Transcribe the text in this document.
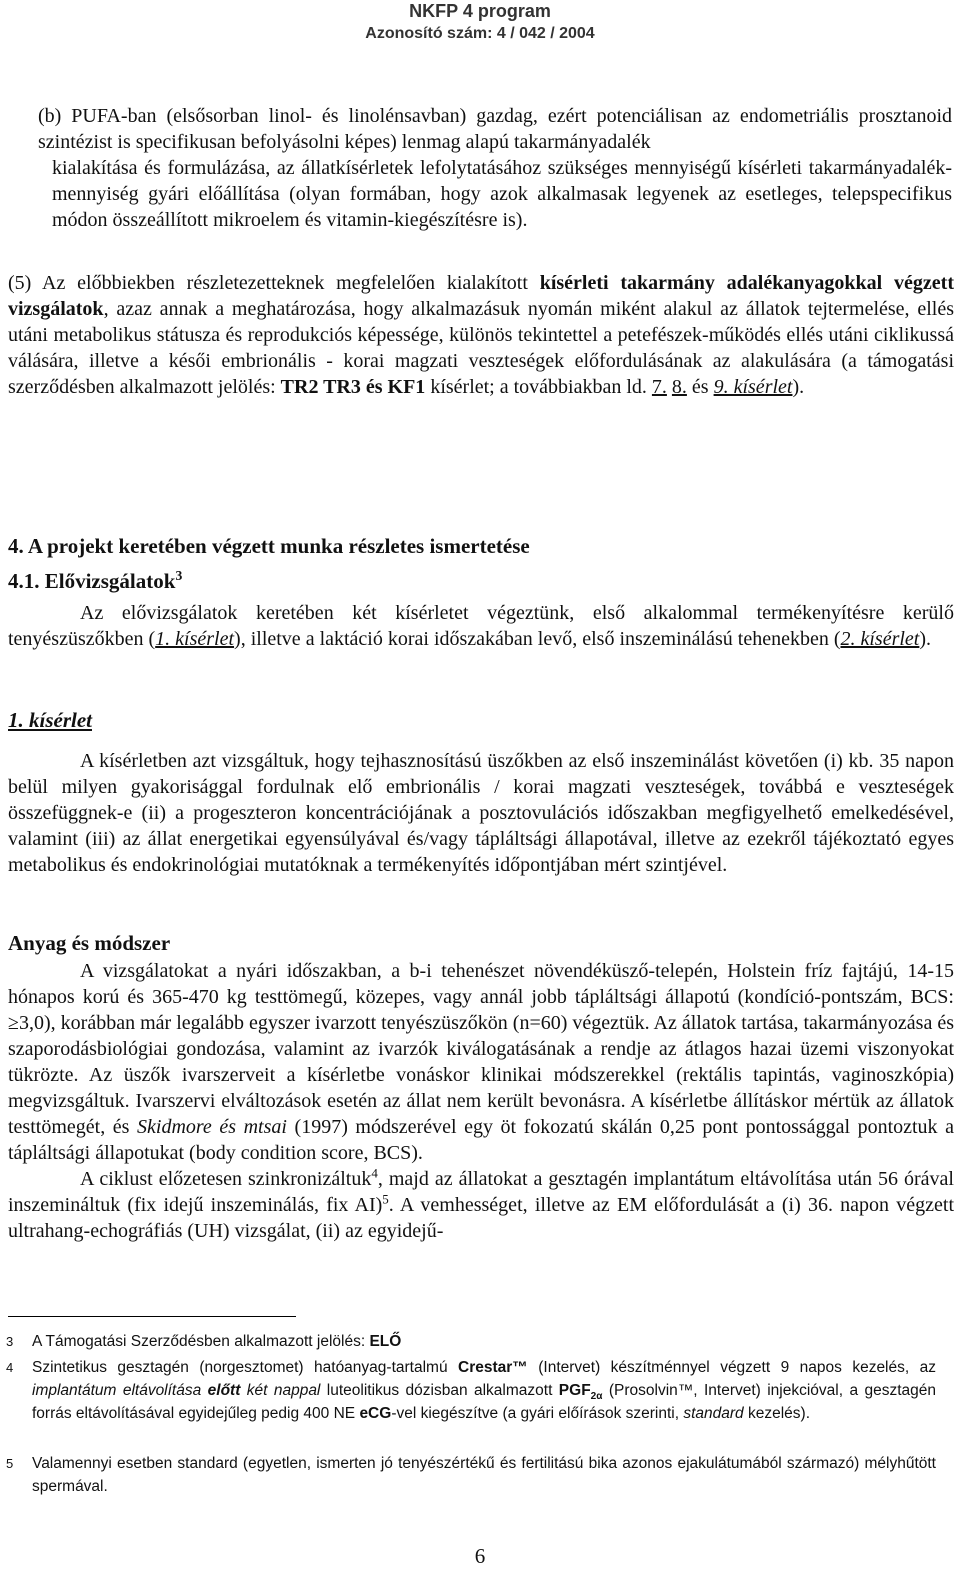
NKFP 4 program
Azonosító szám: 4 / 042 / 2004
(b) PUFA-ban (elsősorban linol- és linolénsavban) gazdag, ezért potenciálisan az endometriális prosztanoid szintézist is specifikusan befolyásolni képes) lenmag alapú takarmányadalék
kialakítása és formulázása, az állatkísérletek lefolytatásához szükséges mennyiségű kísérleti takarmányadalék-mennyiség gyári előállítása (olyan formában, hogy azok alkalmasak legyenek az esetleges, telepspecifikus módon összeállított mikroelem és vitamin-kiegészítésre is).
(5) Az előbbiekben részletezetteknek megfelelően kialakított kísérleti takarmány adalékanyagokkal végzett vizsgálatok, azaz annak a meghatározása, hogy alkalmazásuk nyomán miként alakul az állatok tejtermelése, ellés utáni metabolikus státusza és reprodukciós képessége, különös tekintettel a petefészek-működés ellés utáni ciklikussá válására, illetve a késői embrionális - korai magzati veszteségek előfordulásának az alakulására (a támogatási szerződésben alkalmazott jelölés: TR2 TR3 és KF1 kísérlet; a továbbiakban ld. 7. 8. és 9. kísérlet).
4. A projekt keretében végzett munka részletes ismertetése
4.1. Elővizsgálatok$^3$
Az elővizsgálatok keretében két kísérletet végeztünk, első alkalommal termékenyítésre kerülő tenyészüszőkben (1. kísérlet), illetve a laktáció korai időszakában levő, első inszeminálású tehenekben (2. kísérlet).
1. kísérlet
A kísérletben azt vizsgáltuk, hogy tejhasznosítású üszőkben az első inszeminálást követően (i) kb. 35 napon belül milyen gyakorisággal fordulnak elő embrionális / korai magzati veszteségek, továbbá e veszteségek összefüggnek-e (ii) a progeszteron koncentrációjának a posztovulációs időszakban megfigyelhető emelkedésével, valamint (iii) az állat energetikai egyensúlyával és/vagy tápláltsági állapotával, illetve az ezekről tájékoztató egyes metabolikus és endokrinológiai mutatóknak a termékenyítés időpontjában mért szintjével.
Anyag és módszer
A vizsgálatokat a nyári időszakban, a b-i tehenészet növendéküsző-telepén, Holstein fríz fajtájú, 14-15 hónapos korú és 365-470 kg testtömegű, közepes, vagy annál jobb tápláltsági állapotú (kondíció-pontszám, BCS: ≥3,0), korábban már legalább egyszer ivarzott tenyészüszőkön (n=60) végeztük. Az állatok tartása, takarmányozása és szaporodásbiológiai gondozása, valamint az ivarzók kiválogatásának a rendje az átlagos hazai üzemi viszonyokat tükrözte. Az üszők ivarszerveit a kísérletbe vonáskor klinikai módszerekkel (rektális tapintás, vaginoszkópia) megvizsgáltuk. Ivarszervi elváltozások esetén az állat nem került bevonásra. A kísérletbe állításkor mértük az állatok testtömegét, és Skidmore és mtsai (1997) módszerével egy öt fokozatú skálán 0,25 pont pontossággal pontoztuk a tápláltsági állapotukat (body condition score, BCS).
A ciklust előzetesen szinkronizáltuk$^4$, majd az állatokat a gesztagén implantátum eltávolítása után 56 órával inszemináltuk (fix idejű inszeminálás, fix AI)$^5$. A vemhességet, illetve az EM előfordulását a (i) 36. napon végzett ultrahang-echográfiás (UH) vizsgálat, (ii) az egyidejű-
3 A Támogatási Szerződésben alkalmazott jelölés: ELŐ
4 Szintetikus gesztagén (norgesztomet) hatóanyag-tartalmú Crestar™ (Intervet) készítménnyel végzett 9 napos kezelés, az implantátum eltávolítása előtt két nappal luteolitikus dózisban alkalmazott $PGF_{2\alpha}$ (Prosolvin™, Intervet) injekcióval, a gesztagén forrás eltávolításával egyidejűleg pedig 400 NE eCG-vel kiegészítve (a gyári előírások szerinti, standard kezelés).
5 Valamennyi esetben standard (egyetlen, ismerten jó tenyészértékű és fertilitású bika azonos ejakulátumából származó) mélyhűtött spermával.
6
